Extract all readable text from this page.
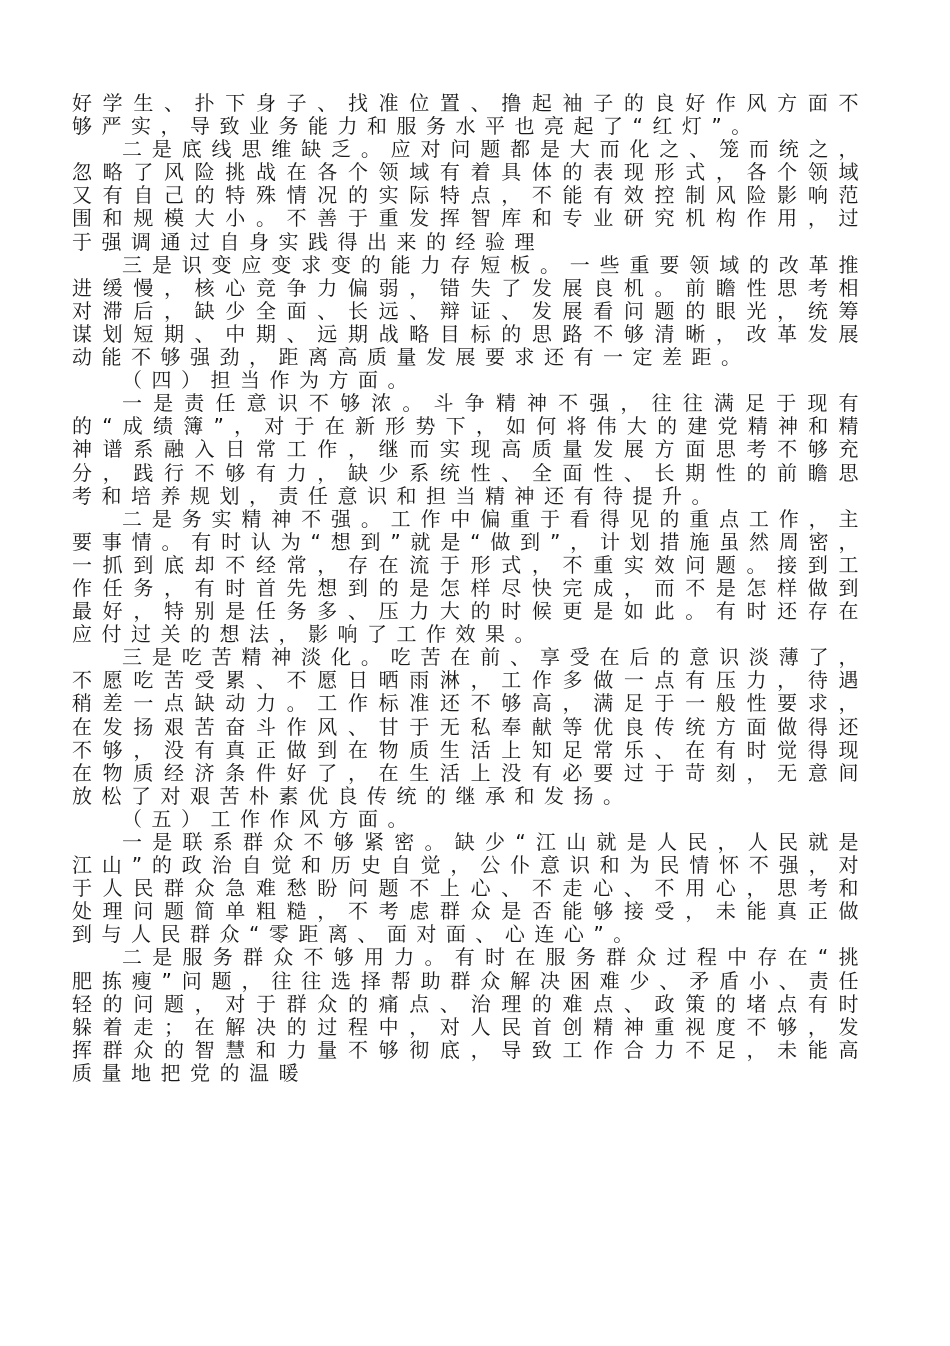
好学生、扑下身子、找准位置、撸起袖子的良好作风方面不够严实，导致业务能力和服务水平也亮起了“红灯”。

二是底线思维缺乏。应对问题都是大而化之、笼而统之，忽略了风险挑战在各个领域有着具体的表现形式，各个领域又有自己的特殊情况的实际特点，不能有效控制风险影响范围和规模大小。不善于重发挥智库和专业研究机构作用，过于强调通过自身实践得出来的经验理

三是识变应变求变的能力存短板。一些重要领域的改革推进缓慢，核心竞争力偏弱，错失了发展良机。前瞻性思考相对滞后，缺少全面、长远、辩证、发展看问题的眼光，统筹谋划短期、中期、远期战略目标的思路不够清晰，改革发展动能不够强劲，距离高质量发展要求还有一定差距。

（四）担当作为方面。

一是责任意识不够浓。斗争精神不强，往往满足于现有的“成绩簿”，对于在新形势下，如何将伟大的建党精神和精神谱系融入日常工作，继而实现高质量发展方面思考不够充分，践行不够有力，缺少系统性、全面性、长期性的前瞻思考和培养规划，责任意识和担当精神还有待提升。

二是务实精神不强。工作中偏重于看得见的重点工作，主要事情。有时认为“想到”就是“做到”，计划措施虽然周密，一抓到底却不经常，存在流于形式，不重实效问题。接到工作任务，有时首先想到的是怎样尽快完成，而不是怎样做到最好，特别是任务多、压力大的时候更是如此。有时还存在应付过关的想法，影响了工作效果。

三是吃苦精神淡化。吃苦在前、享受在后的意识淡薄了，不愿吃苦受累、不愿日晒雨淋，工作多做一点有压力，待遇稍差一点缺动力。工作标准还不够高，满足于一般性要求，在发扬艰苦奋斗作风、甘于无私奉献等优良传统方面做得还不够，没有真正做到在物质生活上知足常乐、在有时觉得现在物质经济条件好了，在生活上没有必要过于苛刻，无意间放松了对艰苦朴素优良传统的继承和发扬。

（五）工作作风方面。

一是联系群众不够紧密。缺少“江山就是人民，人民就是江山”的政治自觉和历史自觉，公仆意识和为民情怀不强，对于人民群众急难愁盼问题不上心、不走心、不用心，思考和处理问题简单粗糙，不考虑群众是否能够接受，未能真正做到与人民群众“零距离、面对面、心连心”。

二是服务群众不够用力。有时在服务群众过程中存在“挑肥拣瘦”问题，往往选择帮助群众解决困难少、矛盾小、责任轻的问题，对于群众的痛点、治理的难点、政策的堵点有时躲着走；在解决的过程中，对人民首创精神重视度不够，发挥群众的智慧和力量不够彻底，导致工作合力不足，未能高质量地把党的温暖
